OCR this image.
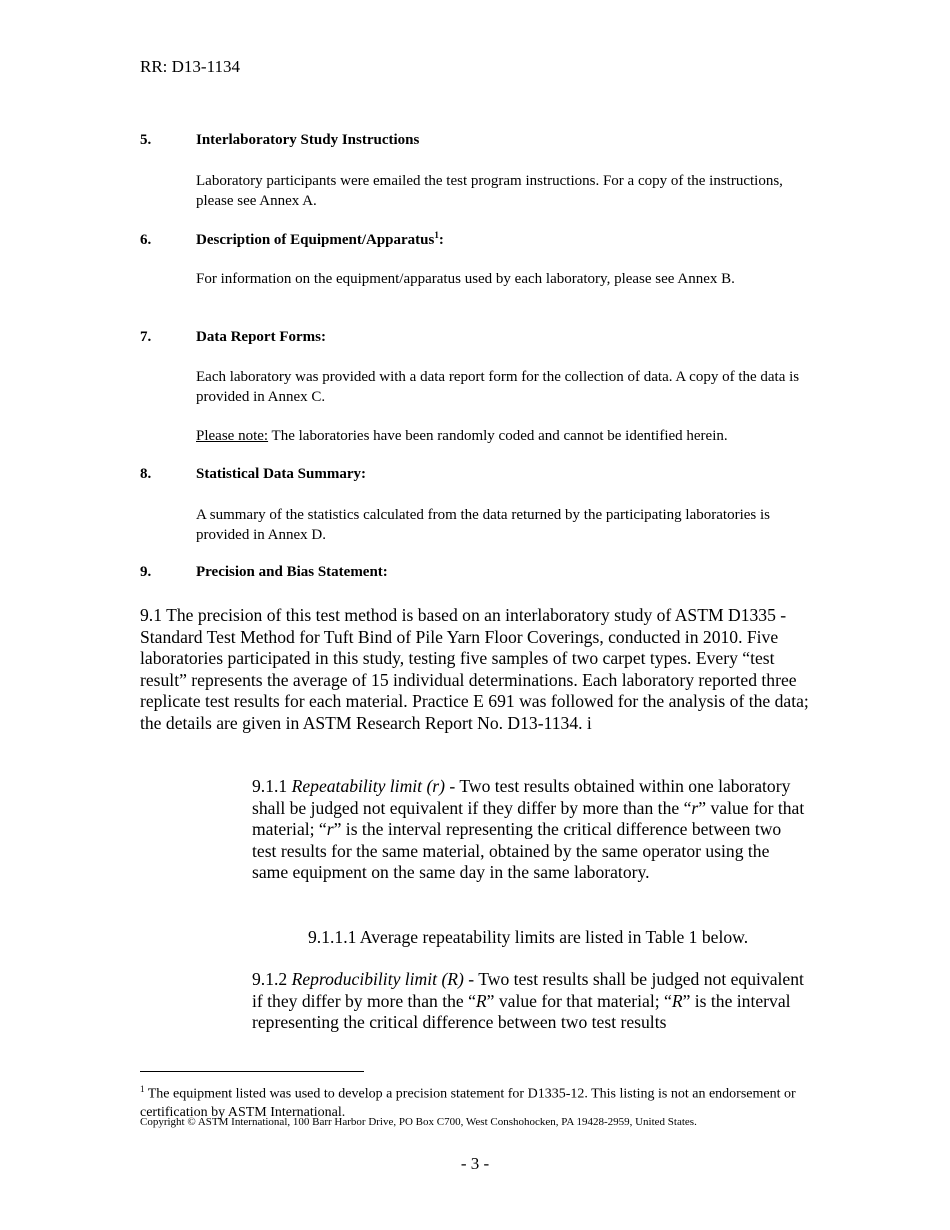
RR: D13-1134
5.	Interlaboratory Study Instructions
Laboratory participants were emailed the test program instructions. For a copy of the instructions, please see Annex A.
6.	Description of Equipment/Apparatus$^1$:
For information on the equipment/apparatus used by each laboratory, please see Annex B.
7.	Data Report Forms:
Each laboratory was provided with a data report form for the collection of data. A copy of the data is provided in Annex C.
Please note: The laboratories have been randomly coded and cannot be identified herein.
8.	Statistical Data Summary:
A summary of the statistics calculated from the data returned by the participating laboratories is provided in Annex D.
9.	Precision and Bias Statement:
9.1 The precision of this test method is based on an interlaboratory study of ASTM D1335 - Standard Test Method for Tuft Bind of Pile Yarn Floor Coverings, conducted in 2010. Five laboratories participated in this study, testing five samples of two carpet types. Every “test result” represents the average of 15 individual determinations. Each laboratory reported three replicate test results for each material. Practice E 691 was followed for the analysis of the data; the details are given in ASTM Research Report No. D13-1134. i
9.1.1 Repeatability limit (r) - Two test results obtained within one laboratory shall be judged not equivalent if they differ by more than the “r” value for that material; “r” is the interval representing the critical difference between two test results for the same material, obtained by the same operator using the same equipment on the same day in the same laboratory.
9.1.1.1 Average repeatability limits are listed in Table 1 below.
9.1.2 Reproducibility limit (R) - Two test results shall be judged not equivalent if they differ by more than the “R” value for that material; “R” is the interval representing the critical difference between two test results
$^1$ The equipment listed was used to develop a precision statement for D1335-12. This listing is not an endorsement or certification by ASTM International.
Copyright © ASTM International, 100 Barr Harbor Drive, PO Box C700, West Conshohocken, PA 19428-2959, United States.
- 3 -
